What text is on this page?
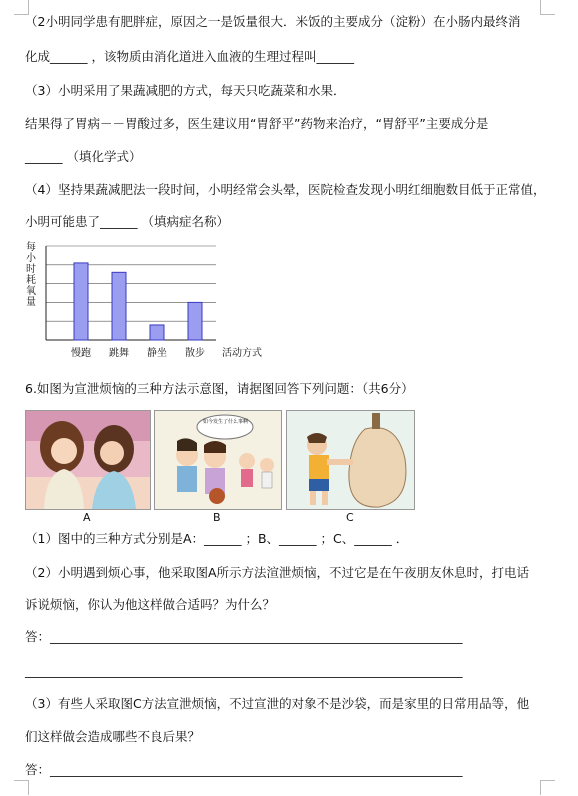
（2小明同学患有肥胖症，原因之一是饭量很大．米饭的主要成分（淀粉）在小肠内最终消
化成______ ，该物质由消化道进入血液的生理过程叫______
（3）小明采用了果蔬减肥的方式，每天只吃蔬菜和水果．
结果得了胃病－－胃酸过多，医生建议用“胃舒平”药物来治疗，“胃舒平”主要成分是
______ （填化学式）
（4）坚持果蔬减肥法一段时间，小明经常会头晕，医院检查发现小明红细胞数目低于正常值，
小明可能患了______ （填病症名称）
每小时耗氧量
慢跑 跳舞 静坐 散步 活动方式
6.如图为宣泄烦恼的三种方法示意图，请据图回答下列问题：（共6分）
如今发生了什么事啊
A	B	C
（1）图中的三种方式分别是A：______ ；B、______ ；C、______ ．
（2）小明遇到烦心事，他采取图A所示方法渲泄烦恼，不过它是在午夜朋友休息时，打电话
诉说烦恼，你认为他这样做合适吗？为什么？
答：__________________________________________________________________
______________________________________________________________________
（3）有些人采取图C方法宣泄烦恼，不过宣泄的对象不是沙袋，而是家里的日常用品等，他
们这样做会造成哪些不良后果？
答：__________________________________________________________________
